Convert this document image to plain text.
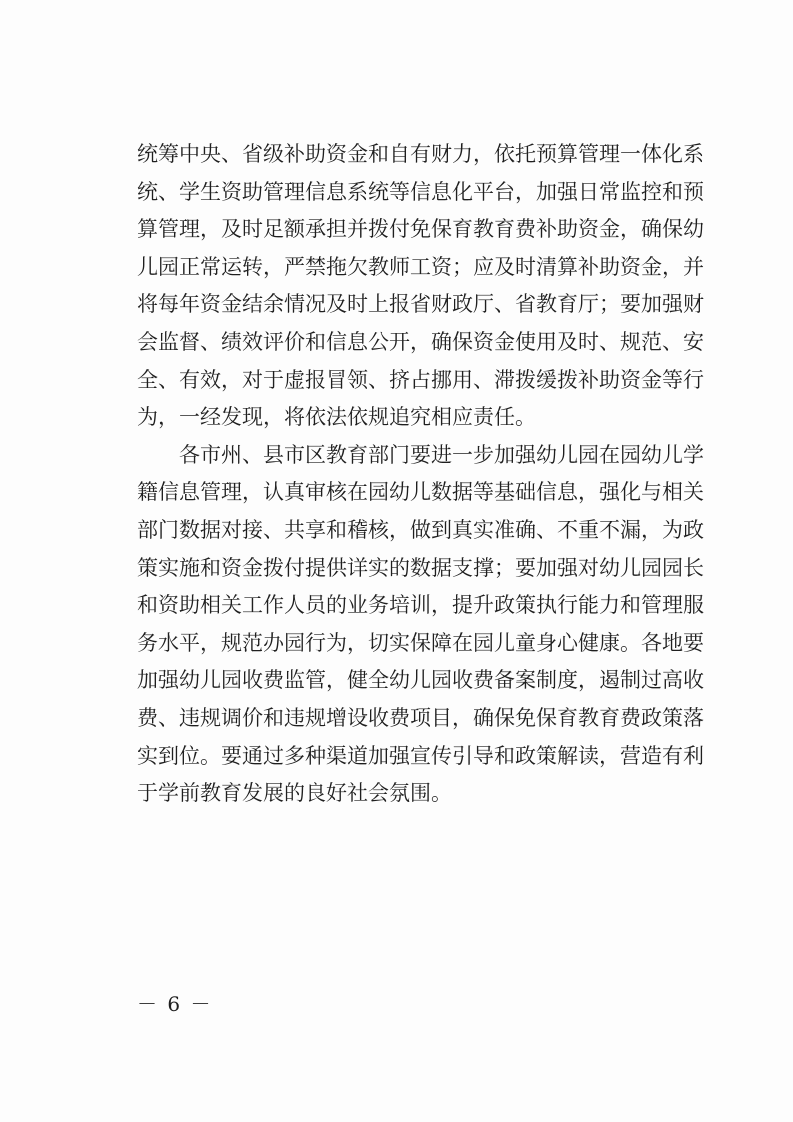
统筹中央、省级补助资金和自有财力，依托预算管理一体化系
统、学生资助管理信息系统等信息化平台，加强日常监控和预
算管理，及时足额承担并拨付免保育教育费补助资金，确保幼
儿园正常运转，严禁拖欠教师工资；应及时清算补助资金，并
将每年资金结余情况及时上报省财政厅、省教育厅；要加强财
会监督、绩效评价和信息公开，确保资金使用及时、规范、安
全、有效，对于虚报冒领、挤占挪用、滞拨缓拨补助资金等行
为，一经发现，将依法依规追究相应责任。
各市州、县市区教育部门要进一步加强幼儿园在园幼儿学
籍信息管理，认真审核在园幼儿数据等基础信息，强化与相关
部门数据对接、共享和稽核，做到真实准确、不重不漏，为政
策实施和资金拨付提供详实的数据支撑；要加强对幼儿园园长
和资助相关工作人员的业务培训，提升政策执行能力和管理服
务水平，规范办园行为，切实保障在园儿童身心健康。各地要
加强幼儿园收费监管，健全幼儿园收费备案制度，遏制过高收
费、违规调价和违规增设收费项目，确保免保育教育费政策落
实到位。要通过多种渠道加强宣传引导和政策解读，营造有利
于学前教育发展的良好社会氛围。
－ 6 －
